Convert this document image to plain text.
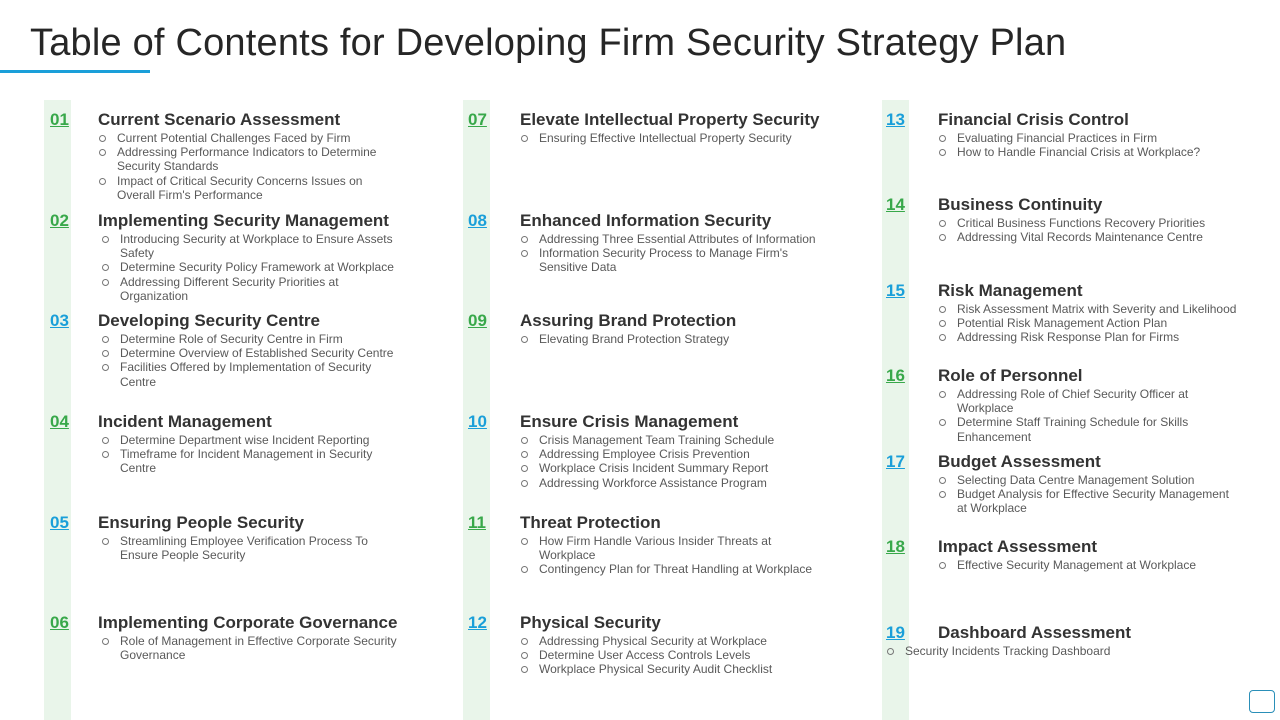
Table of Contents for Developing Firm Security Strategy Plan
01 Current Scenario Assessment
Current Potential Challenges Faced by Firm
Addressing Performance Indicators to Determine Security Standards
Impact of Critical Security Concerns Issues on Overall Firm's Performance
02 Implementing Security Management
Introducing Security at Workplace to Ensure Assets Safety
Determine Security Policy Framework at Workplace
Addressing Different Security Priorities at Organization
03 Developing Security Centre
Determine Role of Security Centre in Firm
Determine Overview of Established Security Centre
Facilities Offered by Implementation of Security Centre
04 Incident Management
Determine Department wise Incident Reporting
Timeframe for Incident Management in Security Centre
05 Ensuring People Security
Streamlining Employee Verification Process To Ensure People Security
06 Implementing Corporate Governance
Role of Management in Effective Corporate Security Governance
07 Elevate Intellectual Property Security
Ensuring Effective Intellectual Property Security
08 Enhanced Information Security
Addressing Three Essential Attributes of Information
Information Security Process to Manage Firm's Sensitive Data
09 Assuring Brand Protection
Elevating Brand Protection Strategy
10 Ensure Crisis Management
Crisis Management Team Training Schedule
Addressing Employee Crisis Prevention
Workplace Crisis Incident Summary Report
Addressing Workforce Assistance Program
11 Threat Protection
How Firm Handle Various Insider Threats at Workplace
Contingency Plan for Threat Handling at Workplace
12 Physical Security
Addressing Physical Security at Workplace
Determine User Access Controls Levels
Workplace Physical Security Audit Checklist
13 Financial Crisis Control
Evaluating Financial Practices in Firm
How to Handle Financial Crisis at Workplace?
14 Business Continuity
Critical Business Functions Recovery Priorities
Addressing Vital Records Maintenance Centre
15 Risk Management
Risk Assessment Matrix with Severity and Likelihood
Potential Risk Management Action Plan
Addressing Risk Response Plan for Firms
16 Role of Personnel
Addressing Role of Chief Security Officer at Workplace
Determine Staff Training Schedule for Skills Enhancement
17 Budget Assessment
Selecting Data Centre Management Solution
Budget Analysis for Effective Security Management at Workplace
18 Impact Assessment
Effective Security Management at Workplace
19 Dashboard Assessment
Security Incidents Tracking Dashboard
